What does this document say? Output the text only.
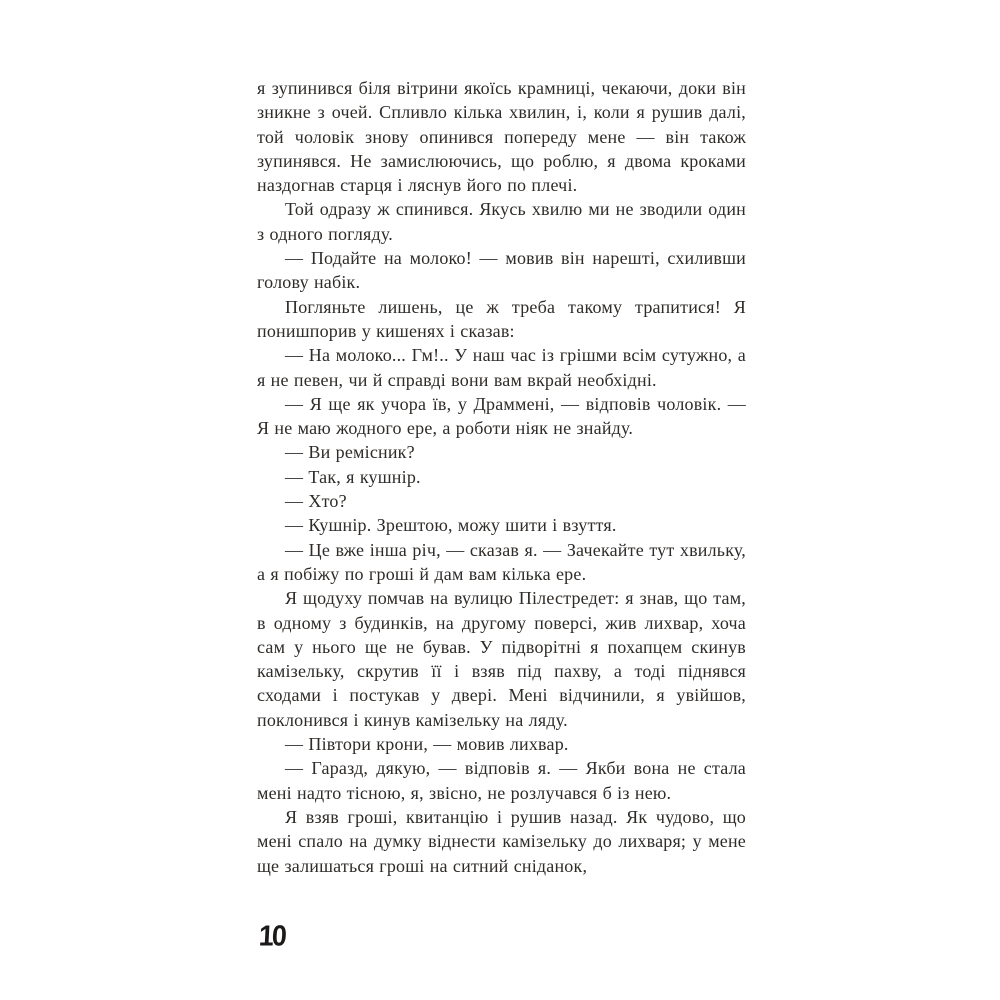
я зупинився біля вітрини якоїсь крамниці, чекаючи, доки він зникне з очей. Спливло кілька хвилин, і, коли я рушив далі, той чоловік знову опинився попереду мене — він також зупинявся. Не замислюючись, що роблю, я двома кроками наздогнав старця і ляснув його по плечі.

Той одразу ж спинився. Якусь хвилю ми не зводили один з одного погляду.

— Подайте на молоко! — мовив він нарешті, схиливши голову набік.

Погляньте лишень, це ж треба такому трапитися! Я понишпорив у кишенях і сказав:

— На молоко... Гм!.. У наш час із грішми всім сутужно, а я не певен, чи й справді вони вам вкрай необхідні.

— Я ще як учора їв, у Драммені, — відповів чоловік. — Я не маю жодного ере, а роботи ніяк не знайду.

— Ви ремісник?

— Так, я кушнір.

— Хто?

— Кушнір. Зрештою, можу шити і взуття.

— Це вже інша річ, — сказав я. — Зачекайте тут хвильку, а я побіжу по гроші й дам вам кілька ере.

Я щодуху помчав на вулицю Пілестредет: я знав, що там, в одному з будинків, на другому поверсі, жив лихвар, хоча сам у нього ще не бував. У підворітні я похапцем скинув камізельку, скрутив її і взяв під пахву, а тоді піднявся сходами і постукав у двері. Мені відчинили, я увійшов, поклонився і кинув камізельку на ляду.

— Півтори крони, — мовив лихвар.

— Гаразд, дякую, — відповів я. — Якби вона не стала мені надто тісною, я, звісно, не розлучався б із нею.

Я взяв гроші, квитанцію і рушив назад. Як чудово, що мені спало на думку віднести камізельку до лихваря; у мене ще залишаться гроші на ситний сніданок,

10
